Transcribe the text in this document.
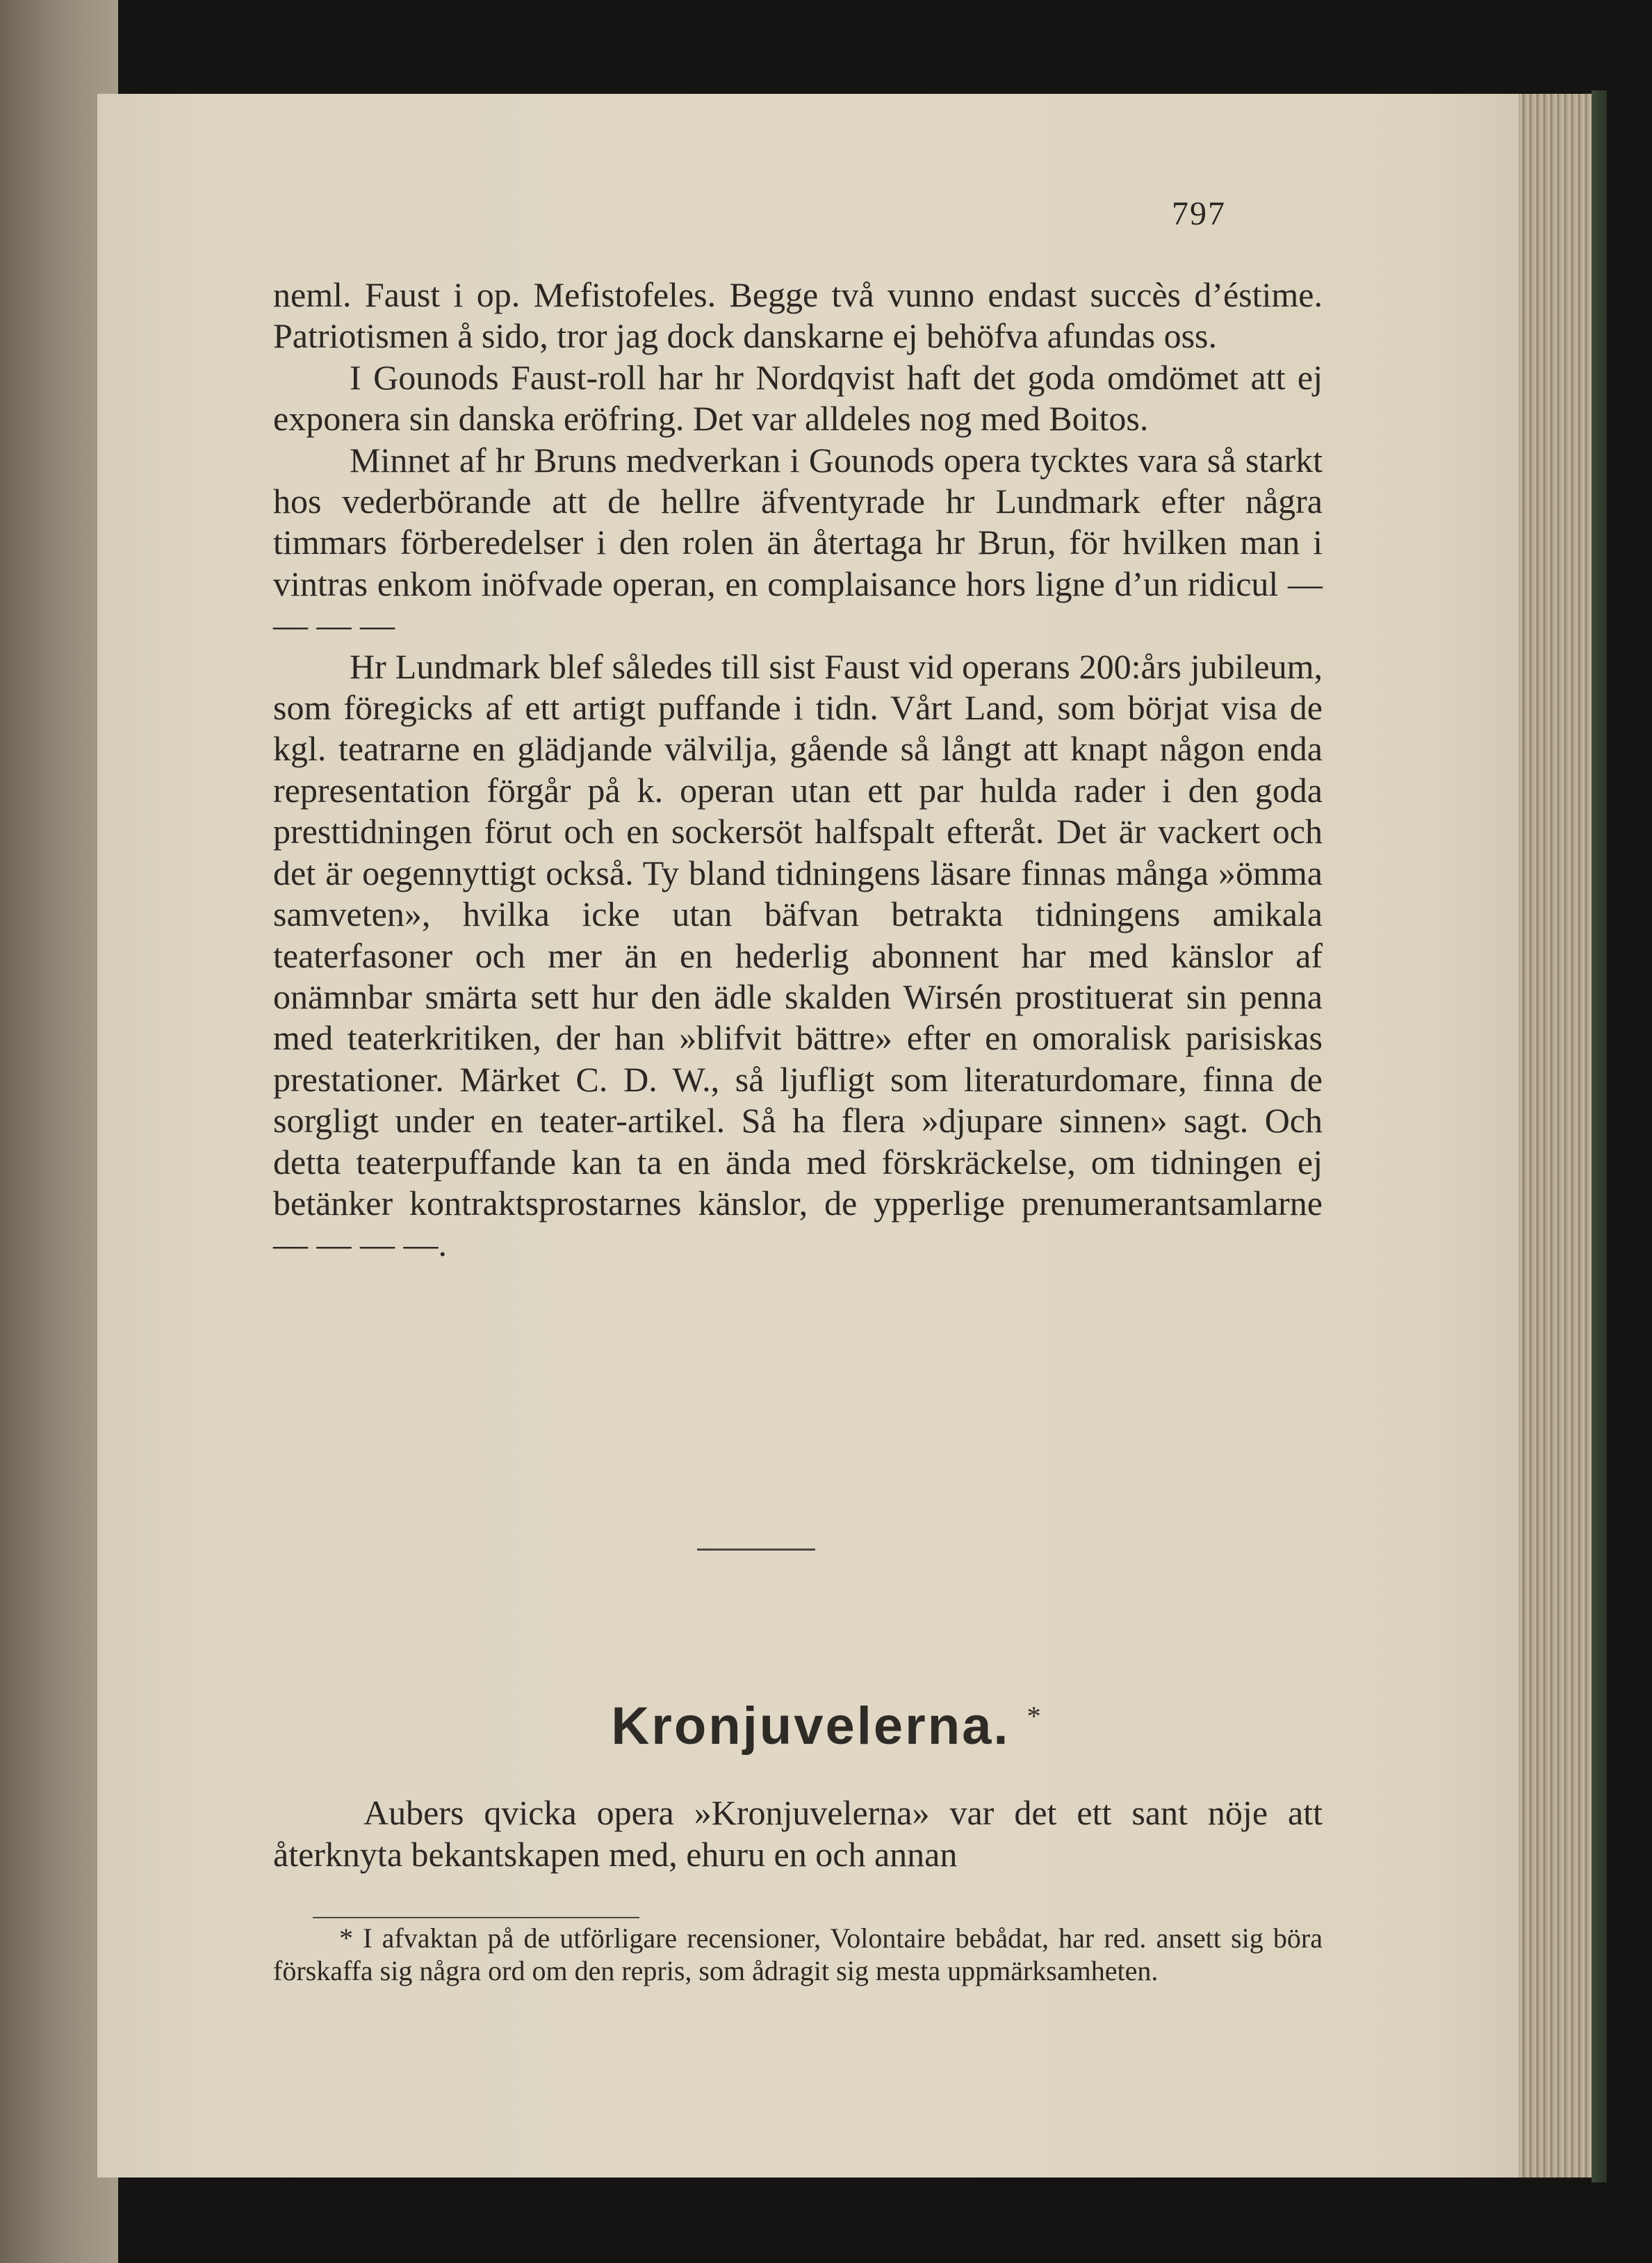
797

neml. Faust i op. Mefistofeles. Begge två vunno endast succès d’éstime. Patriotismen å sido, tror jag dock danskarne ej behöfva afundas oss.

I Gounods Faust-roll har hr Nordqvist haft det goda omdömet att ej exponera sin danska eröfring. Det var alldeles nog med Boitos.

Minnet af hr Bruns medverkan i Gounods opera tycktes vara så starkt hos vederbörande att de hellre äfventyrade hr Lundmark efter några timmars förberedelser i den rolen än återtaga hr Brun, för hvilken man i vintras enkom inöfvade operan, en complaisance hors ligne d’un ridicul — — — —

Hr Lundmark blef således till sist Faust vid operans 200:års jubileum, som föregicks af ett artigt puffande i tidn. Vårt Land, som börjat visa de kgl. teatrarne en glädjande välvilja, gående så långt att knapt någon enda representation förgår på k. operan utan ett par hulda rader i den goda presttidningen förut och en sockersöt halfspalt efteråt. Det är vackert och det är oegennyttigt också. Ty bland tidningens läsare finnas många »ömma samveten», hvilka icke utan bäfvan betrakta tidningens amikala teaterfasoner och mer än en hederlig abonnent har med känslor af onämnbar smärta sett hur den ädle skalden Wirsén prostituerat sin penna med teaterkritiken, der han »blifvit bättre» efter en omoralisk parisiskas prestationer. Märket C. D. W., så ljufligt som literaturdomare, finna de sorgligt under en teater-artikel. Så ha flera »djupare sinnen» sagt. Och detta teaterpuffande kan ta en ända med förskräckelse, om tidningen ej betänker kontraktsprostarnes känslor, de ypperlige prenumerantsamlarne — — — —.

Kronjuvelerna. *

Aubers qvicka opera »Kronjuvelerna» var det ett sant nöje att återknyta bekantskapen med, ehuru en och annan

* I afvaktan på de utförligare recensioner, Volontaire bebådat, har red. ansett sig böra förskaffa sig några ord om den repris, som ådragit sig mesta uppmärksamheten.
